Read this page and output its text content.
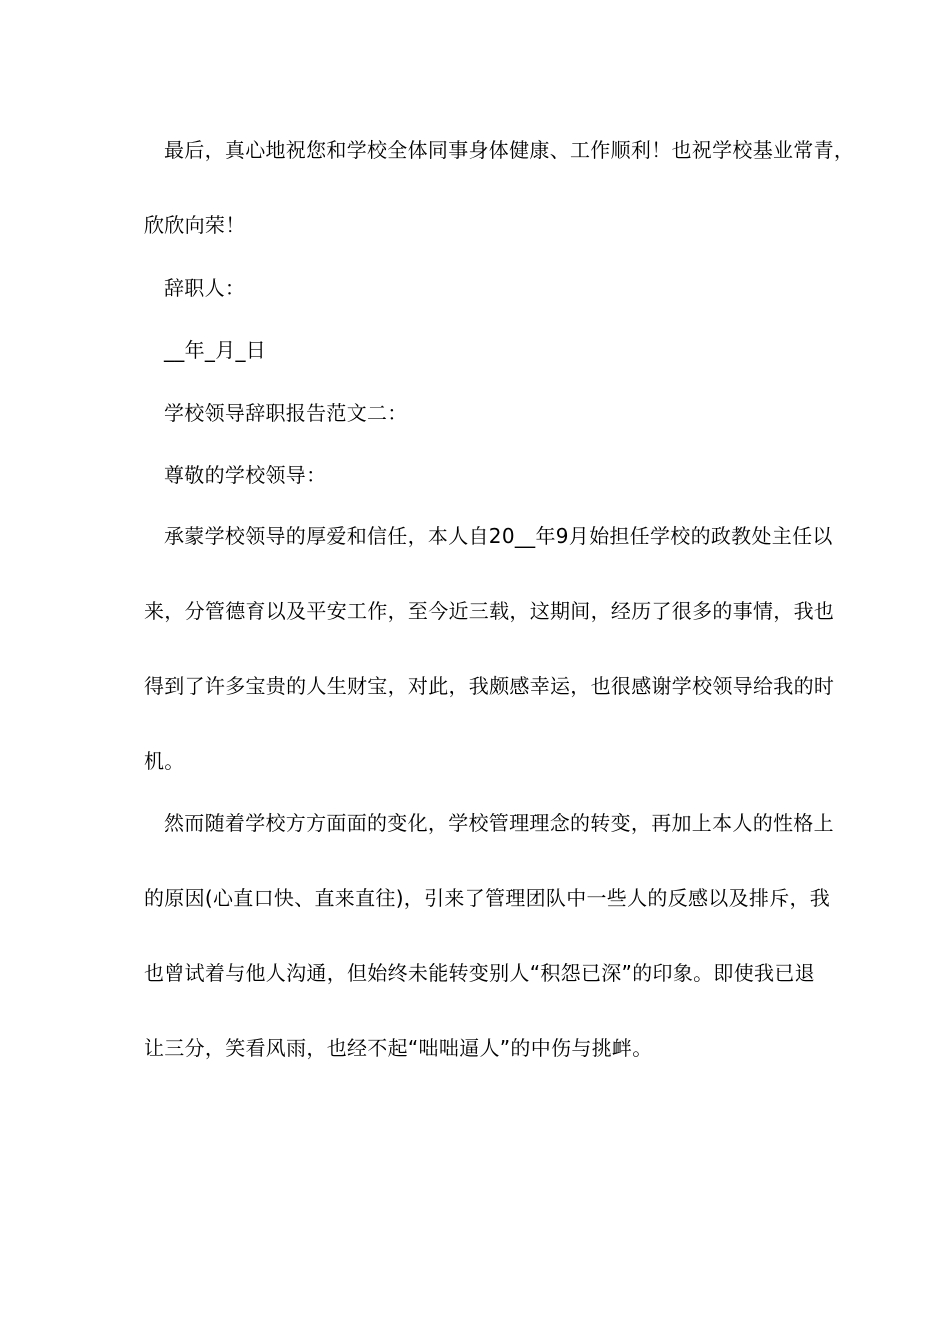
最后，真心地祝您和学校全体同事身体健康、工作顺利！也祝学校基业常青，
欣欣向荣！
辞职人：
__年_月_日
学校领导辞职报告范文二：
尊敬的学校领导：
承蒙学校领导的厚爱和信任，本人自20__年9月始担任学校的政教处主任以
来，分管德育以及平安工作，至今近三载，这期间，经历了很多的事情，我也
得到了许多宝贵的人生财宝，对此，我颇感幸运，也很感谢学校领导给我的时
机。
然而随着学校方方面面的变化，学校管理理念的转变，再加上本人的性格上
的原因(心直口快、直来直往)，引来了管理团队中一些人的反感以及排斥，我
也曾试着与他人沟通，但始终未能转变别人“积怨已深”的印象。即使我已退
让三分，笑看风雨，也经不起“咄咄逼人”的中伤与挑衅。
